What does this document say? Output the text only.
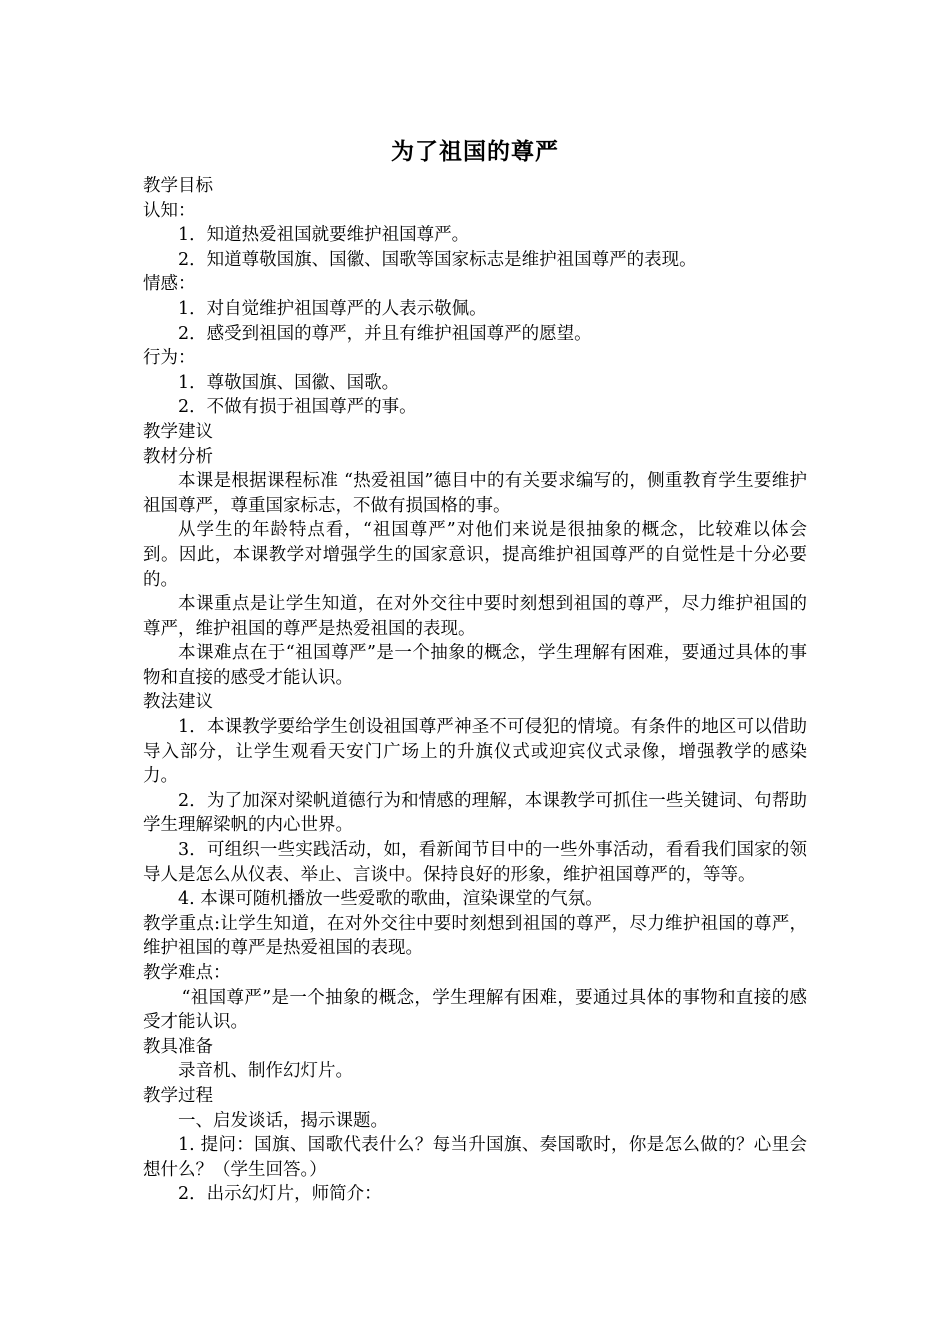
为了祖国的尊严

教学目标

认知：

1．知道热爱祖国就要维护祖国尊严。

2．知道尊敬国旗、国徽、国歌等国家标志是维护祖国尊严的表现。

情感：

1．对自觉维护祖国尊严的人表示敬佩。

2．感受到祖国的尊严，并且有维护祖国尊严的愿望。

行为：

1．尊敬国旗、国徽、国歌。

2．不做有损于祖国尊严的事。

教学建议

教材分析

本课是根据课程标准 “热爱祖国”德目中的有关要求编写的，侧重教育学生要维护祖国尊严，尊重国家标志，不做有损国格的事。

从学生的年龄特点看，“祖国尊严”对他们来说是很抽象的概念，比较难以体会到。因此，本课教学对增强学生的国家意识，提高维护祖国尊严的自觉性是十分必要的。

本课重点是让学生知道，在对外交往中要时刻想到祖国的尊严，尽力维护祖国的尊严，维护祖国的尊严是热爱祖国的表现。

本课难点在于“祖国尊严”是一个抽象的概念，学生理解有困难，要通过具体的事物和直接的感受才能认识。

教法建议

1．本课教学要给学生创设祖国尊严神圣不可侵犯的情境。有条件的地区可以借助导入部分，让学生观看天安门广场上的升旗仪式或迎宾仪式录像，增强教学的感染力。

2．为了加深对梁帆道德行为和情感的理解，本课教学可抓住一些关键词、句帮助学生理解梁帆的内心世界。

3．可组织一些实践活动，如，看新闻节目中的一些外事活动，看看我们国家的领导人是怎么从仪表、举止、言谈中。保持良好的形象，维护祖国尊严的，等等。

4. 本课可随机播放一些爱歌的歌曲，渲染课堂的气氛。

教学重点:让学生知道，在对外交往中要时刻想到祖国的尊严，尽力维护祖国的尊严，维护祖国的尊严是热爱祖国的表现。

教学难点：

“祖国尊严”是一个抽象的概念，学生理解有困难，要通过具体的事物和直接的感受才能认识。

教具准备

录音机、制作幻灯片。

教学过程

一、启发谈话，揭示课题。

1. 提问：国旗、国歌代表什么？每当升国旗、奏国歌时，你是怎么做的？心里会想什么？（学生回答。）

2．出示幻灯片，师简介：
